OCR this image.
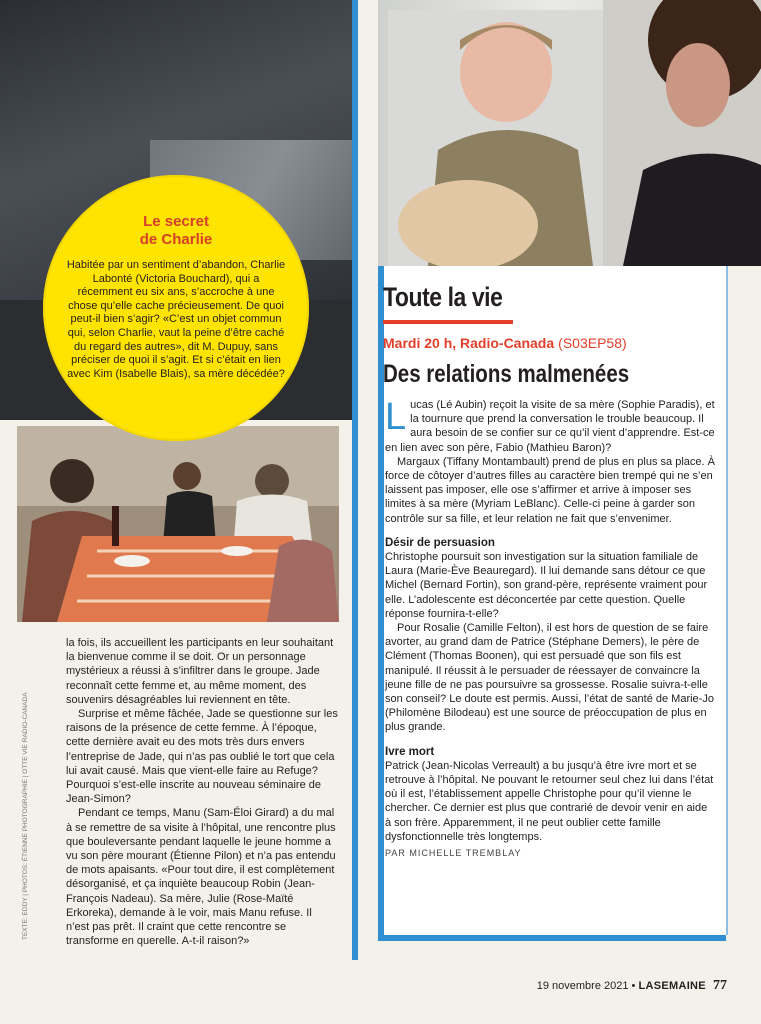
Le secret
de Charlie
Habitée par un sentiment d’abandon, Charlie Labonté (Victoria Bouchard), qui a récemment eu six ans, s’accroche à une chose qu’elle cache précieusement. De quoi peut-il bien s’agir? «C’est un objet commun qui, selon Charlie, vaut la peine d’être caché du regard des autres», dit M. Dupuy, sans préciser de quoi il s’agit. Et si c’était en lien avec Kim (Isabelle Blais), sa mère décédée?
TEXTE: EDDY | PHOTOS: ÉTIENNE PHOTOGRAPHIE | OTTE VIE RADIO-CANADA

la fois, ils accueillent les participants en leur souhaitant la bienvenue comme il se doit. Or un personnage mystérieux a réussi à s’infiltrer dans le groupe. Jade reconnaît cette femme et, au même moment, des souvenirs désagréables lui reviennent en tête.

Surprise et même fâchée, Jade se questionne sur les raisons de la présence de cette femme. À l’époque, cette dernière avait eu des mots très durs envers l’entreprise de Jade, qui n’as pas oublié le tort que cela lui avait causé. Mais que vient-elle faire au Refuge? Pourquoi s’est-elle inscrite au nouveau séminaire de Jean-Simon?

Pendant ce temps, Manu (Sam-Éloi Girard) a du mal à se remettre de sa visite à l’hôpital, une rencontre plus que bouleversante pendant laquelle le jeune homme a vu son père mourant (Étienne Pilon) et n’a pas entendu de mots apaisants. «Pour tout dire, il est complètement désorganisé, et ça inquiète beaucoup Robin (Jean-François Nadeau). Sa mère, Julie (Rose-Maïté Erkoreka), demande à le voir, mais Manu refuse. Il n’est pas prêt. Il craint que cette rencontre se transforme en querelle. A-t-il raison?»

Toute la vie
Mardi 20 h, Radio-Canada (S03EP58)
Des relations malmenées

Lucas (Lé Aubin) reçoit la visite de sa mère (Sophie Paradis), et la tournure que prend la conversation le trouble beaucoup. Il aura besoin de se confier sur ce qu’il vient d’apprendre. Est-ce en lien avec son père, Fabio (Mathieu Baron)?

Margaux (Tiffany Montambault) prend de plus en plus sa place. À force de côtoyer d’autres filles au caractère bien trempé qui ne s’en laissent pas imposer, elle ose s’affirmer et arrive à imposer ses limites à sa mère (Myriam LeBlanc). Celle-ci peine à garder son contrôle sur sa fille, et leur relation ne fait que s’envenimer.

Désir de persuasion

Christophe poursuit son investigation sur la situation familiale de Laura (Marie-Ève Beauregard). Il lui demande sans détour ce que Michel (Bernard Fortin), son grand-père, représente vraiment pour elle. L’adolescente est déconcertée par cette question. Quelle réponse fournira-t-elle?

Pour Rosalie (Camille Felton), il est hors de question de se faire avorter, au grand dam de Patrice (Stéphane Demers), le père de Clément (Thomas Boonen), qui est persuadé que son fils est manipulé. Il réussit à le persuader de réessayer de convaincre la jeune fille de ne pas poursuivre sa grossesse. Rosalie suivra-t-elle son conseil? Le doute est permis. Aussi, l’état de santé de Marie-Jo (Philomène Bilodeau) est une source de préoccupation de plus en plus grande.

Ivre mort

Patrick (Jean-Nicolas Verreault) a bu jusqu’à être ivre mort et se retrouve à l’hôpital. Ne pouvant le retourner seul chez lui dans l’état où il est, l’établissement appelle Christophe pour qu’il vienne le chercher. Ce dernier est plus que contrarié de devoir venir en aide à son frère. Apparemment, il ne peut oublier cette famille dysfonctionnelle très longtemps.

PAR MICHELLE TREMBLAY
19 novembre 2021 • LASEMAINE 77
